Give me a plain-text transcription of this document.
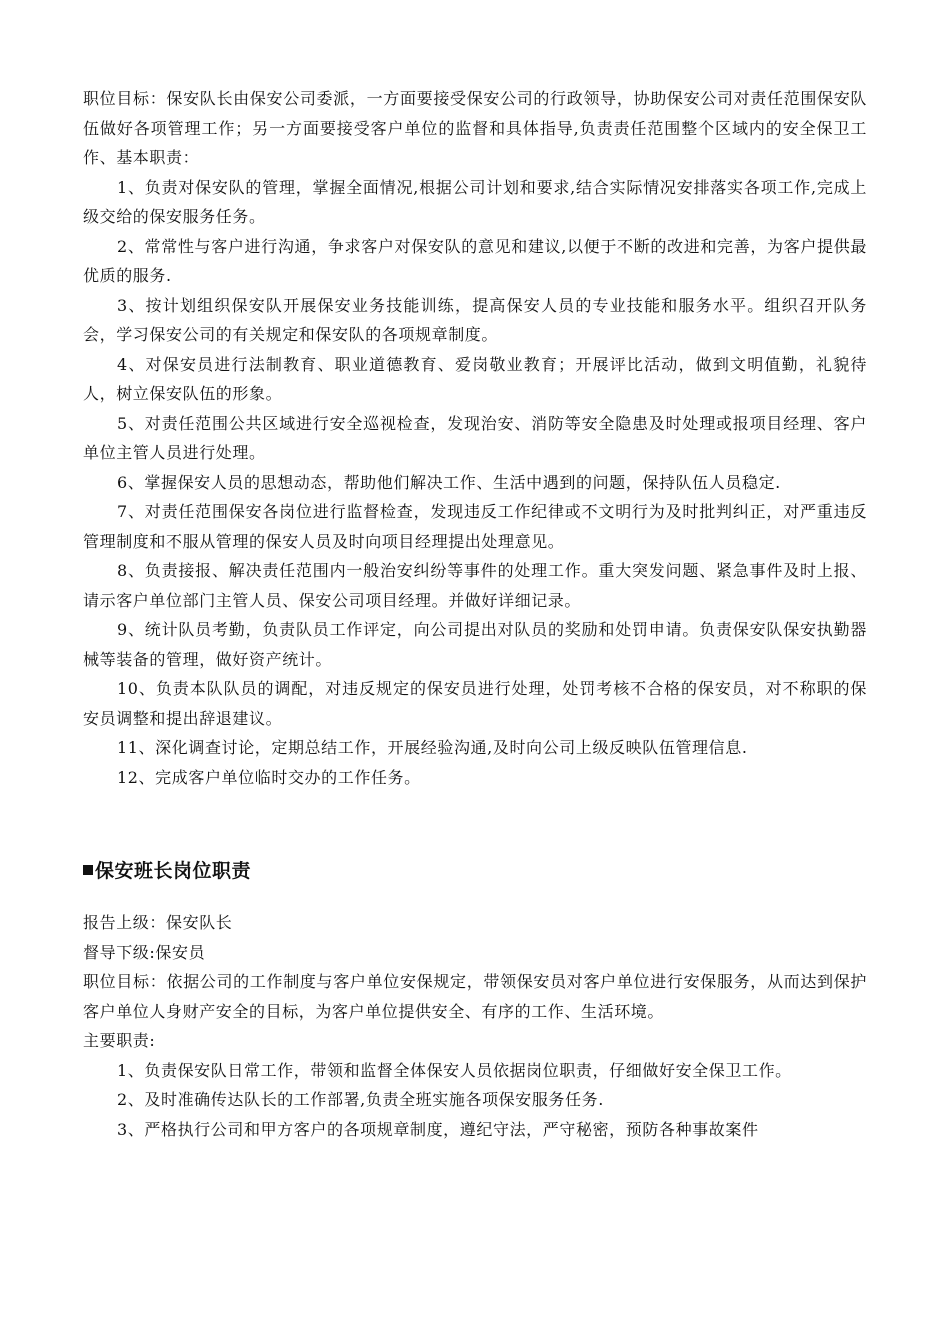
职位目标：保安队长由保安公司委派，一方面要接受保安公司的行政领导，协助保安公司对责任范围保安队伍做好各项管理工作；另一方面要接受客户单位的监督和具体指导,负责责任范围整个区域内的安全保卫工作、基本职责：

1、负责对保安队的管理，掌握全面情况,根据公司计划和要求,结合实际情况安排落实各项工作,完成上级交给的保安服务任务。

2、常常性与客户进行沟通，争求客户对保安队的意见和建议,以便于不断的改进和完善，为客户提供最优质的服务.

3、按计划组织保安队开展保安业务技能训练，提高保安人员的专业技能和服务水平。组织召开队务会，学习保安公司的有关规定和保安队的各项规章制度。

4、对保安员进行法制教育、职业道德教育、爱岗敬业教育；开展评比活动，做到文明值勤，礼貌待人，树立保安队伍的形象。

5、对责任范围公共区域进行安全巡视检查，发现治安、消防等安全隐患及时处理或报项目经理、客户单位主管人员进行处理。

6、掌握保安人员的思想动态，帮助他们解决工作、生活中遇到的问题，保持队伍人员稳定.

7、对责任范围保安各岗位进行监督检查，发现违反工作纪律或不文明行为及时批判纠正，对严重违反管理制度和不服从管理的保安人员及时向项目经理提出处理意见。

8、负责接报、解决责任范围内一般治安纠纷等事件的处理工作。重大突发问题、紧急事件及时上报、请示客户单位部门主管人员、保安公司项目经理。并做好详细记录。

9、统计队员考勤，负责队员工作评定，向公司提出对队员的奖励和处罚申请。负责保安队保安执勤器械等装备的管理，做好资产统计。

10、负责本队队员的调配，对违反规定的保安员进行处理，处罚考核不合格的保安员，对不称职的保安员调整和提出辞退建议。

11、深化调查讨论，定期总结工作，开展经验沟通,及时向公司上级反映队伍管理信息.

12、完成客户单位临时交办的工作任务。

保安班长岗位职责

报告上级：保安队长

督导下级:保安员

职位目标：依据公司的工作制度与客户单位安保规定，带领保安员对客户单位进行安保服务，从而达到保护客户单位人身财产安全的目标，为客户单位提供安全、有序的工作、生活环境。

主要职责:

1、负责保安队日常工作，带领和监督全体保安人员依据岗位职责，仔细做好安全保卫工作。

2、及时准确传达队长的工作部署,负责全班实施各项保安服务任务.

3、严格执行公司和甲方客户的各项规章制度，遵纪守法，严守秘密，预防各种事故案件
